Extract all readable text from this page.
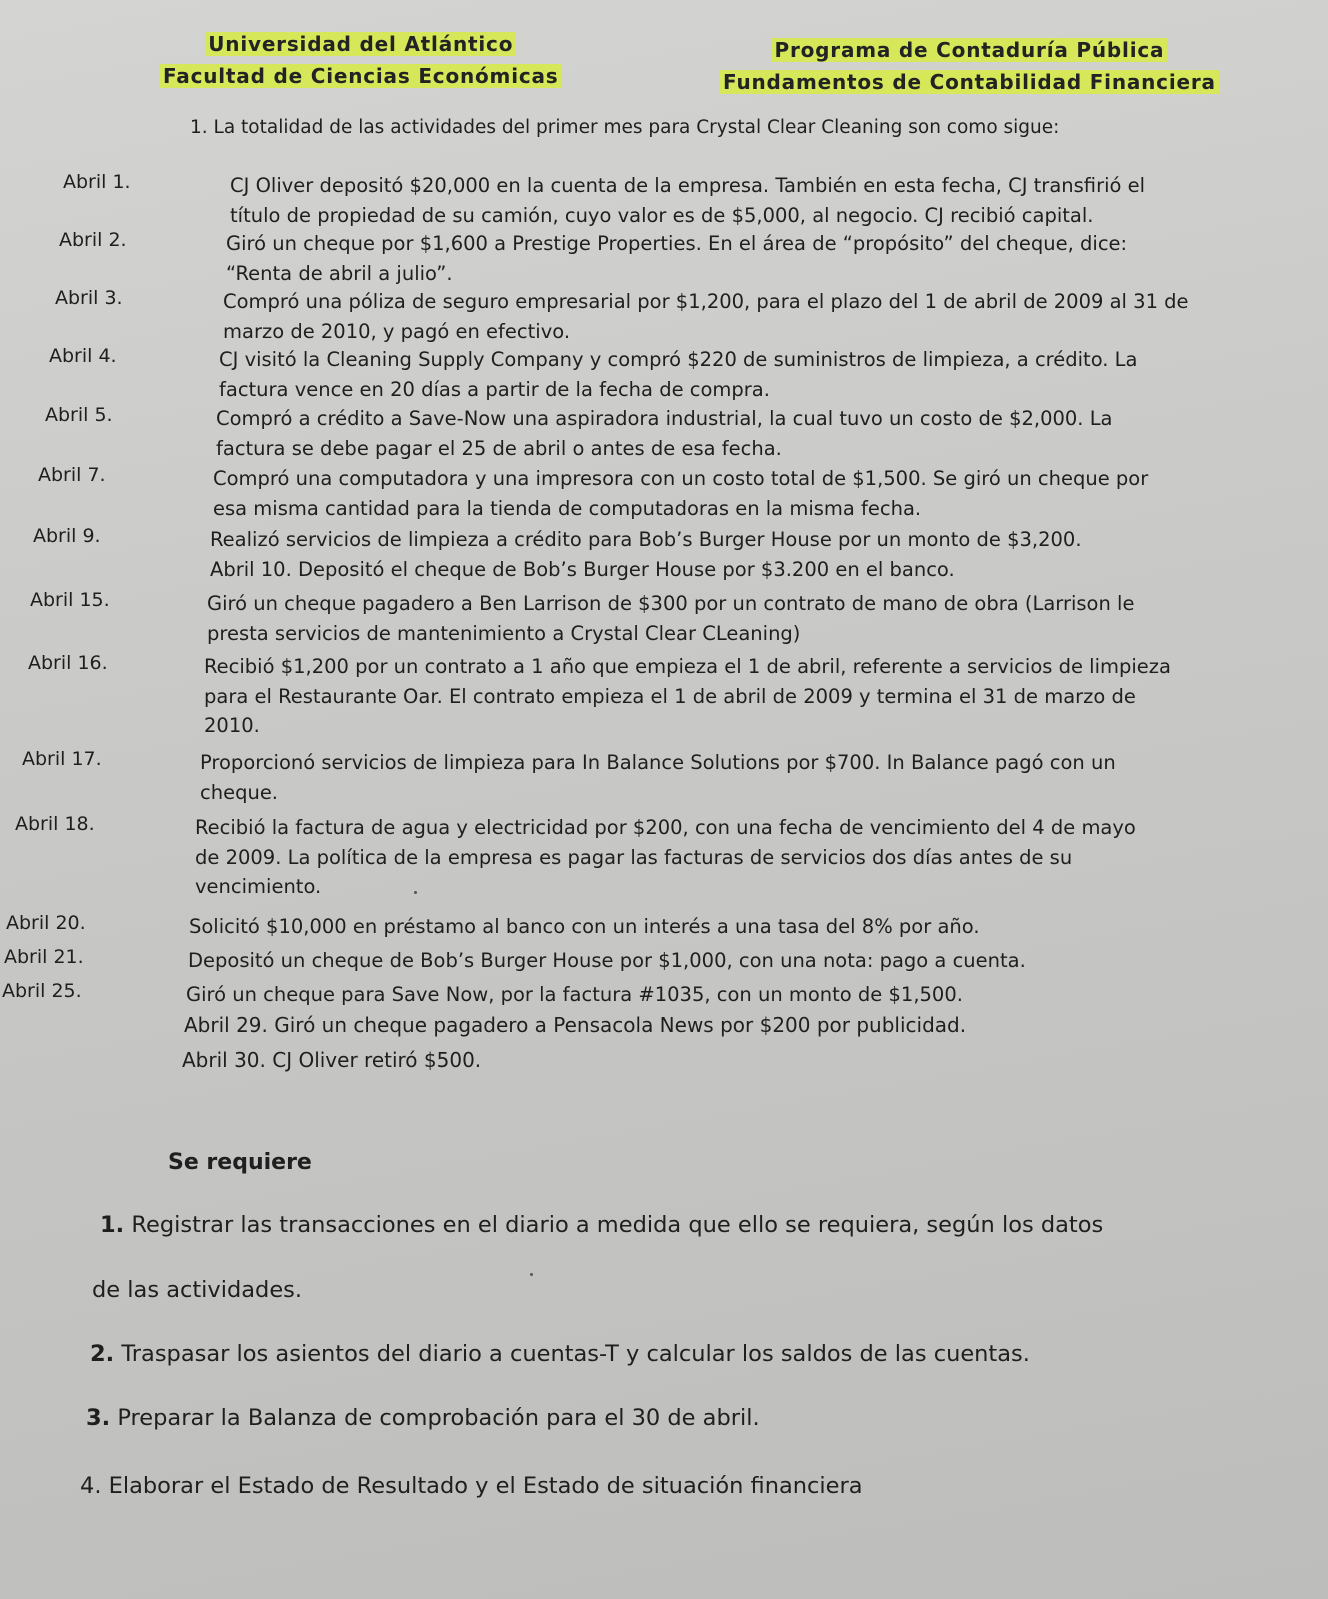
Universidad del Atlántico
Facultad de Ciencias Económicas
Programa de Contaduría Pública
Fundamentos de Contabilidad Financiera
1. La totalidad de las actividades del primer mes para Crystal Clear Cleaning son como sigue:
Abril 1.	CJ Oliver depositó $20,000 en la cuenta de la empresa. También en esta fecha, CJ transfirió el
título de propiedad de su camión, cuyo valor es de $5,000, al negocio. CJ recibió capital.
Abril 2.	Giró un cheque por $1,600 a Prestige Properties. En el área de “propósito” del cheque, dice:
“Renta de abril a julio”.
Abril 3.	Compró una póliza de seguro empresarial por $1,200, para el plazo del 1 de abril de 2009 al 31 de
marzo de 2010, y pagó en efectivo.
Abril 4.	CJ visitó la Cleaning Supply Company y compró $220 de suministros de limpieza, a crédito. La
factura vence en 20 días a partir de la fecha de compra.
Abril 5.	Compró a crédito a Save-Now una aspiradora industrial, la cual tuvo un costo de $2,000. La
factura se debe pagar el 25 de abril o antes de esa fecha.
Abril 7.	Compró una computadora y una impresora con un costo total de $1,500. Se giró un cheque por
esa misma cantidad para la tienda de computadoras en la misma fecha.
Abril 9.	Realizó servicios de limpieza a crédito para Bob’s Burger House por un monto de $3,200.
Abril 10. Depositó el cheque de Bob’s Burger House por $3.200 en el banco.
Abril 15.	Giró un cheque pagadero a Ben Larrison de $300 por un contrato de mano de obra (Larrison le
presta servicios de mantenimiento a Crystal Clear CLeaning)
Abril 16.	Recibió $1,200 por un contrato a 1 año que empieza el 1 de abril, referente a servicios de limpieza
para el Restaurante Oar. El contrato empieza el 1 de abril de 2009 y termina el 31 de marzo de
2010.
Abril 17.	Proporcionó servicios de limpieza para In Balance Solutions por $700. In Balance pagó con un
cheque.
Abril 18.	Recibió la factura de agua y electricidad por $200, con una fecha de vencimiento del 4 de mayo
de 2009. La política de la empresa es pagar las facturas de servicios dos días antes de su
vencimiento.
Abril 20.	Solicitó $10,000 en préstamo al banco con un interés a una tasa del 8% por año.
Abril 21.	Depositó un cheque de Bob’s Burger House por $1,000, con una nota: pago a cuenta.
Abril 25.	Giró un cheque para Save Now, por la factura #1035, con un monto de $1,500.
Abril 29. Giró un cheque pagadero a Pensacola News por $200 por publicidad.
Abril 30. CJ Oliver retiró $500.
Se requiere
1. Registrar las transacciones en el diario a medida que ello se requiera, según los datos
de las actividades.
2. Traspasar los asientos del diario a cuentas-T y calcular los saldos de las cuentas.
3. Preparar la Balanza de comprobación para el 30 de abril.
4. Elaborar el Estado de Resultado y el Estado de situación financiera
